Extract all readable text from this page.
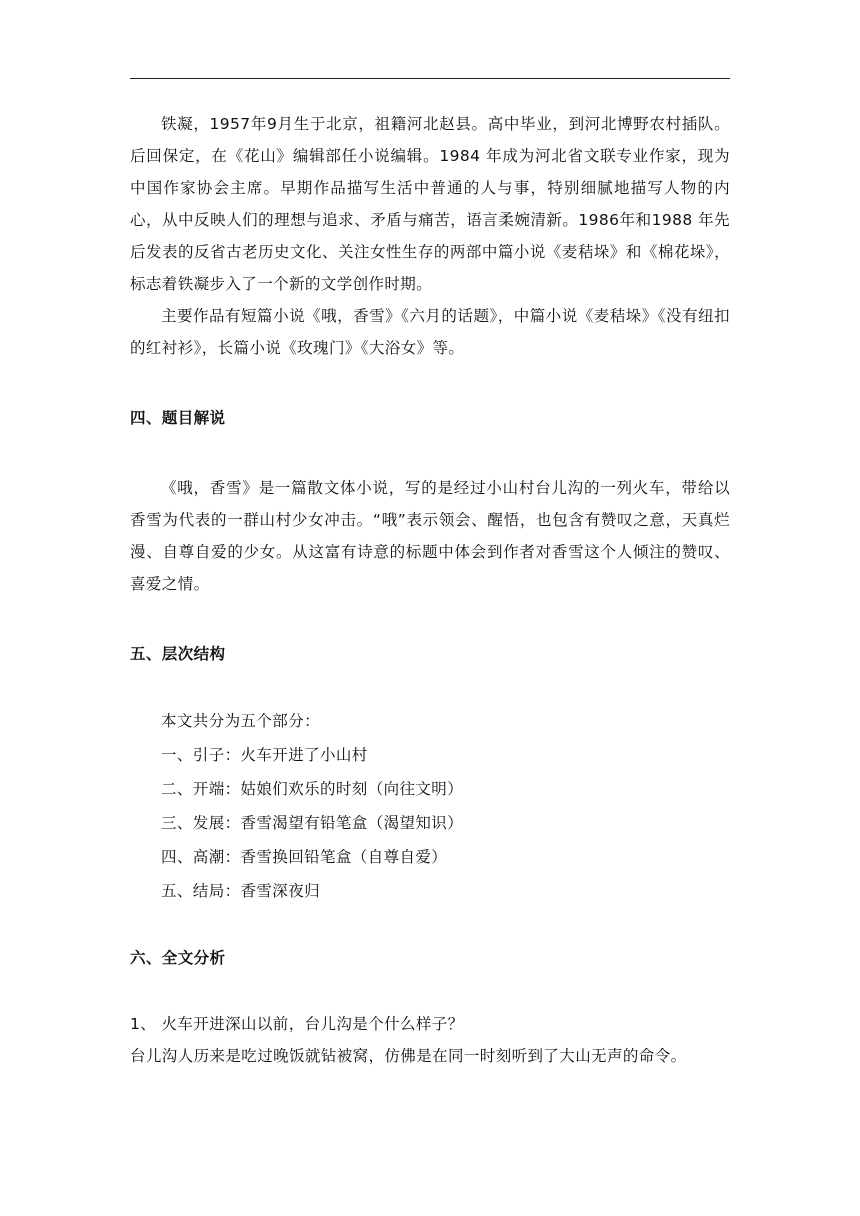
铁凝，1957年9月生于北京，祖籍河北赵县。高中毕业，到河北博野农村插队。后回保定，在《花山》编辑部任小说编辑。1984 年成为河北省文联专业作家，现为中国作家协会主席。早期作品描写生活中普通的人与事，特别细腻地描写人物的内心，从中反映人们的理想与追求、矛盾与痛苦，语言柔婉清新。1986年和1988 年先后发表的反省古老历史文化、关注女性生存的两部中篇小说《麦秸垛》和《棉花垛》，标志着铁凝步入了一个新的文学创作时期。

主要作品有短篇小说《哦，香雪》《六月的话题》，中篇小说《麦秸垛》《没有纽扣的红衬衫》，长篇小说《玫瑰门》《大浴女》等。

四、题目解说

《哦，香雪》是一篇散文体小说，写的是经过小山村台儿沟的一列火车，带给以香雪为代表的一群山村少女冲击。“哦”表示领会、醒悟，也包含有赞叹之意，天真烂漫、自尊自爱的少女。从这富有诗意的标题中体会到作者对香雪这个人倾注的赞叹、喜爱之情。

五、层次结构
本文共分为五个部分：
一、引子：火车开进了小山村
二、开端：姑娘们欢乐的时刻（向往文明）
三、发展：香雪渴望有铅笔盒（渴望知识）
四、高潮：香雪换回铅笔盒（自尊自爱）
五、结局：香雪深夜归
六、全文分析

1、 火车开进深山以前，台儿沟是个什么样子？

台儿沟人历来是吃过晚饭就钻被窝，仿佛是在同一时刻听到了大山无声的命令。
